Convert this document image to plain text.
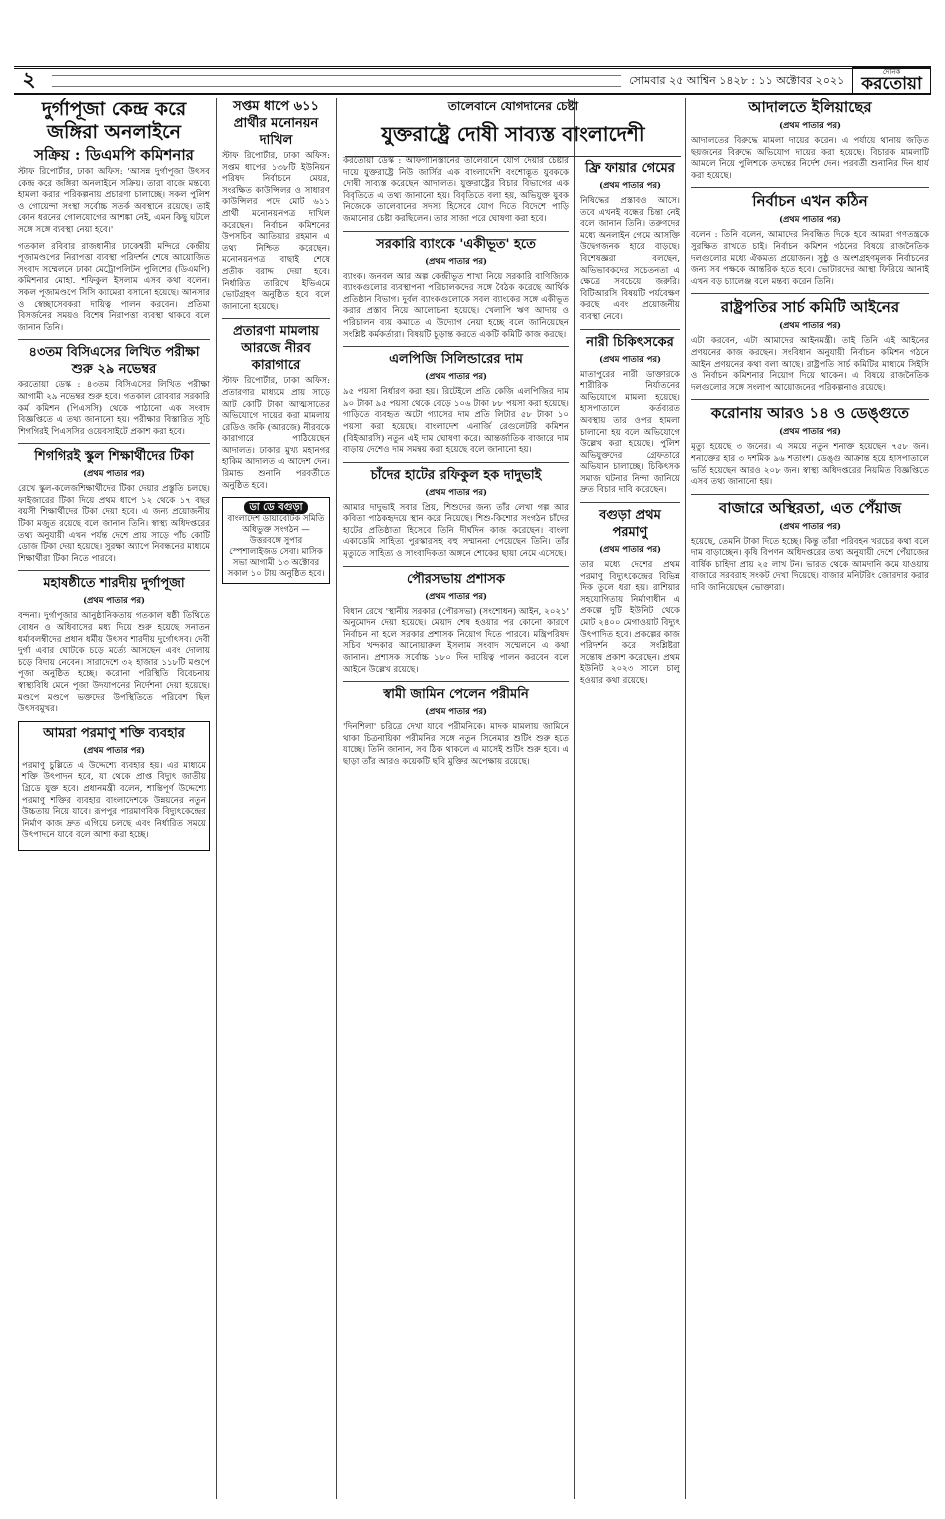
২	সোমবার ২৫ আশ্বিন ১৪২৮ : ১১ অক্টোবর ২০২১
দৈনিক
করতোয়া
দুর্গাপূজা কেন্দ্র করে জঙ্গিরা অনলাইনে
সক্রিয় : ডিএমপি কমিশনার

স্টাফ রিপোর্টার, ঢাকা অফিস: 'আসন্ন দুর্গাপূজা উৎসব কেন্দ্র করে জঙ্গিরা অনলাইনে সক্রিয়। তারা বাজে মন্তব্যে হামলা করার পরিকল্পনায় প্রচারণা চালাচ্ছে। সকল পুলিশ ও গোয়েন্দা সংস্থা সর্বোচ্চ সতর্ক অবস্থানে রয়েছে। তাই কোন ধরনের গোলযোগের আশঙ্কা নেই, এমন কিছু ঘটলে সঙ্গে সঙ্গে ব্যবস্থা নেয়া হবে।'

গতকাল রবিবার রাজধানীর ঢাকেশ্বরী মন্দিরে কেন্দ্রীয় পূজামণ্ডপের নিরাপত্তা ব্যবস্থা পরিদর্শন শেষে আয়োজিত সংবাদ সম্মেলনে ঢাকা মেট্রোপলিটন পুলিশের (ডিএমপি) কমিশনার মোহা. শফিকুল ইসলাম এসব কথা বলেন। সকল পূজামণ্ডপে সিসি ক্যামেরা বসানো হয়েছে। আনসার ও স্বেচ্ছাসেবকরা দায়িত্ব পালন করবেন। প্রতিমা বিসর্জনের সময়ও বিশেষ নিরাপত্তা ব্যবস্থা থাকবে বলে জানান তিনি।

৪৩তম বিসিএসের লিখিত পরীক্ষা শুরু ২৯ নভেম্বর

করতোয়া ডেস্ক : ৪৩তম বিসিএসের লিখিত পরীক্ষা আগামী ২৯ নভেম্বর শুরু হবে। গতকাল রোববার সরকারি কর্ম কমিশন (পিএসসি) থেকে পাঠানো এক সংবাদ বিজ্ঞপ্তিতে এ তথ্য জানানো হয়। পরীক্ষার বিস্তারিত সূচি শিগগিরই পিএসসির ওয়েবসাইটে প্রকাশ করা হবে।

শিগগিরই স্কুল শিক্ষার্থীদের টিকা
(প্রথম পাতার পর)

রেখে স্কুল-কলেজশিক্ষার্থীদের টিকা দেয়ার প্রস্তুতি চলছে। ফাইজারের টিকা দিয়ে প্রথম ধাপে ১২ থেকে ১৭ বছর বয়সী শিক্ষার্থীদের টিকা দেয়া হবে। এ জন্য প্রয়োজনীয় টিকা মজুত রয়েছে বলে জানান তিনি। স্বাস্থ্য অধিদপ্তরের তথ্য অনুযায়ী এখন পর্যন্ত দেশে প্রায় সাড়ে পাঁচ কোটি ডোজ টিকা দেয়া হয়েছে। সুরক্ষা অ্যাপে নিবন্ধনের মাধ্যমে শিক্ষার্থীরা টিকা নিতে পারবে।

মহাষষ্ঠীতে শারদীয় দুর্গাপূজা
(প্রথম পাতার পর)

বন্দনা। দুর্গাপূজার আনুষ্ঠানিকতায় গতকাল ষষ্ঠী তিথিতে বোধন ও অধিবাসের মধ্য দিয়ে শুরু হয়েছে সনাতন ধর্মাবলম্বীদের প্রধান ধর্মীয় উৎসব শারদীয় দুর্গোৎসব। দেবী দুর্গা এবার ঘোটকে চড়ে মর্ত্যে আসছেন এবং দোলায় চড়ে বিদায় নেবেন। সারাদেশে ৩২ হাজার ১১৮টি মণ্ডপে পূজা অনুষ্ঠিত হচ্ছে। করোনা পরিস্থিতি বিবেচনায় স্বাস্থ্যবিধি মেনে পূজা উদযাপনের নির্দেশনা দেয়া হয়েছে। মণ্ডপে মণ্ডপে ভক্তদের উপস্থিতিতে পরিবেশ ছিল উৎসবমুখর।

আমরা পরমাণু শক্তি ব্যবহার
(প্রথম পাতার পর)

পরমাণু চুল্লিতে এ উদ্দেশ্যে ব্যবহার হয়। এর মাধ্যমে শক্তি উৎপাদন হবে, যা থেকে প্রাপ্ত বিদ্যুৎ জাতীয় গ্রিডে যুক্ত হবে। প্রধানমন্ত্রী বলেন, শান্তিপূর্ণ উদ্দেশ্যে পরমাণু শক্তির ব্যবহার বাংলাদেশকে উন্নয়নের নতুন উচ্চতায় নিয়ে যাবে। রূপপুর পারমাণবিক বিদ্যুৎকেন্দ্রের নির্মাণ কাজ দ্রুত এগিয়ে চলছে এবং নির্ধারিত সময়ে উৎপাদনে যাবে বলে আশা করা হচ্ছে।

সপ্তম ধাপে ৬১১ প্রার্থীর মনোনয়ন দাখিল

স্টাফ রিপোর্টার, ঢাকা অফিস: সপ্তম ধাপের ১৩৮টি ইউনিয়ন পরিষদ নির্বাচনে মেয়র, সংরক্ষিত কাউন্সিলর ও সাধারণ কাউন্সিলর পদে মোট ৬১১ প্রার্থী মনোনয়নপত্র দাখিল করেছেন। নির্বাচন কমিশনের উপসচিব আতিয়ার রহমান এ তথ্য নিশ্চিত করেছেন। মনোনয়নপত্র বাছাই শেষে প্রতীক বরাদ্দ দেয়া হবে। নির্ধারিত তারিখে ইভিএমে ভোটগ্রহণ অনুষ্ঠিত হবে বলে জানানো হয়েছে।

প্রতারণা মামলায় আরজে নীরব কারাগারে

স্টাফ রিপোর্টার, ঢাকা অফিস: প্রতারণার মাধ্যমে প্রায় সাড়ে আট কোটি টাকা আত্মসাতের অভিযোগে দায়ের করা মামলায় রেডিও জকি (আরজে) নীরবকে কারাগারে পাঠিয়েছেন আদালত। ঢাকার মুখ্য মহানগর হাকিম আদালত এ আদেশ দেন। রিমান্ড শুনানি পরবর্তীতে অনুষ্ঠিত হবে।

ডা ডে বগুড়া
বাংলাদেশ ডায়াবেটিক সমিতি অধিভুক্ত সংগঠন — উত্তরবঙ্গে সুপার স্পেশালাইজড সেবা। মাসিক সভা আগামী ১৩ অক্টোবর সকাল ১০ টায় অনুষ্ঠিত হবে।

তালেবানে যোগদানের চেষ্টা

যুক্তরাষ্ট্রে দোষী সাব্যস্ত বাংলাদেশী

করতোয়া ডেস্ক : আফগানিস্তানের তালেবানে যোগ দেয়ার চেষ্টার দায়ে যুক্তরাষ্ট্রে নিউ জার্সির এক বাংলাদেশি বংশোদ্ভূত যুবককে দোষী সাব্যস্ত করেছেন আদালত। যুক্তরাষ্ট্রের বিচার বিভাগের এক বিবৃতিতে এ তথ্য জানানো হয়। বিবৃতিতে বলা হয়, অভিযুক্ত যুবক নিজেকে তালেবানের সদস্য হিসেবে যোগ দিতে বিদেশে পাড়ি জমানোর চেষ্টা করছিলেন। তার সাজা পরে ঘোষণা করা হবে।

সরকারি ব্যাংকে 'একীভূত' হতে
(প্রথম পাতার পর)

ব্যাংক। জনবল আর অল্প কেন্দ্রীভূত শাখা নিয়ে সরকারি বাণিজ্যিক ব্যাংকগুলোর ব্যবস্থাপনা পরিচালকদের সঙ্গে বৈঠক করেছে আর্থিক প্রতিষ্ঠান বিভাগ। দুর্বল ব্যাংকগুলোকে সবল ব্যাংকের সঙ্গে একীভূত করার প্রস্তাব নিয়ে আলোচনা হয়েছে। খেলাপি ঋণ আদায় ও পরিচালন ব্যয় কমাতে এ উদ্যোগ নেয়া হচ্ছে বলে জানিয়েছেন সংশ্লিষ্ট কর্মকর্তারা। বিষয়টি চূড়ান্ত করতে একটি কমিটি কাজ করছে।

এলপিজি সিলিন্ডারের দাম
(প্রথম পাতার পর)

৯৫ পয়সা নির্ধারণ করা হয়। রিটেইলে প্রতি কেজি এলপিজির দাম ৯০ টাকা ৯৫ পয়সা থেকে বেড়ে ১০৬ টাকা ৮৮ পয়সা করা হয়েছে। গাড়িতে ব্যবহৃত অটো গ্যাসের দাম প্রতি লিটার ৫৮ টাকা ১০ পয়সা করা হয়েছে। বাংলাদেশ এনার্জি রেগুলেটরি কমিশন (বিইআরসি) নতুন এই দাম ঘোষণা করে। আন্তর্জাতিক বাজারে দাম বাড়ায় দেশেও দাম সমন্বয় করা হয়েছে বলে জানানো হয়।

চাঁদের হাটের রফিকুল হক দাদুভাই
(প্রথম পাতার পর)

আমার দাদুভাই সবার প্রিয়, শিশুদের জন্য তাঁর লেখা গল্প আর কবিতা পাঠকহৃদয়ে স্থান করে নিয়েছে। শিশু-কিশোর সংগঠন চাঁদের হাটের প্রতিষ্ঠাতা হিসেবে তিনি দীর্ঘদিন কাজ করেছেন। বাংলা একাডেমি সাহিত্য পুরস্কারসহ বহু সম্মাননা পেয়েছেন তিনি। তাঁর মৃত্যুতে সাহিত্য ও সাংবাদিকতা অঙ্গনে শোকের ছায়া নেমে এসেছে।

পৌরসভায় প্রশাসক
(প্রথম পাতার পর)

বিধান রেখে 'স্থানীয় সরকার (পৌরসভা) (সংশোধন) আইন, ২০২১' অনুমোদন দেয়া হয়েছে। মেয়াদ শেষ হওয়ার পর কোনো কারণে নির্বাচন না হলে সরকার প্রশাসক নিয়োগ দিতে পারবে। মন্ত্রিপরিষদ সচিব খন্দকার আনোয়ারুল ইসলাম সংবাদ সম্মেলনে এ কথা জানান। প্রশাসক সর্বোচ্চ ১৮০ দিন দায়িত্ব পালন করবেন বলে আইনে উল্লেখ রয়েছে।

স্বামী জামিন পেলেন পরীমনি
(প্রথম পাতার পর)

'দিনশিলা' চরিত্রে দেখা যাবে পরীমনিকে। মাদক মামলায় জামিনে থাকা চিত্রনায়িকা পরীমনির সঙ্গে নতুন সিনেমার শুটিং শুরু হতে যাচ্ছে। তিনি জানান, সব ঠিক থাকলে এ মাসেই শুটিং শুরু হবে। এ ছাড়া তাঁর আরও কয়েকটি ছবি মুক্তির অপেক্ষায় রয়েছে।

ফ্রি ফায়ার গেমের
(প্রথম পাতার পর)

নিষিদ্ধের প্রস্তাবও আসে। তবে এখনই বন্ধের চিন্তা নেই বলে জানান তিনি। তরুণদের মধ্যে অনলাইন গেমে আসক্তি উদ্বেগজনক হারে বাড়ছে। বিশেষজ্ঞরা বলছেন, অভিভাবকদের সচেতনতা এ ক্ষেত্রে সবচেয়ে জরুরি। বিটিআরসি বিষয়টি পর্যবেক্ষণ করছে এবং প্রয়োজনীয় ব্যবস্থা নেবে।

নারী চিকিৎসকের
(প্রথম পাতার পর)

মাতাপুরের নারী ডাক্তারকে শারীরিক নির্যাতনের অভিযোগে মামলা হয়েছে। হাসপাতালে কর্তব্যরত অবস্থায় তার ওপর হামলা চালানো হয় বলে অভিযোগে উল্লেখ করা হয়েছে। পুলিশ অভিযুক্তদের গ্রেফতারে অভিযান চালাচ্ছে। চিকিৎসক সমাজ ঘটনার নিন্দা জানিয়ে দ্রুত বিচার দাবি করেছেন।

বগুড়া প্রথম পরমাণু
(প্রথম পাতার পর)

তার মধ্যে দেশের প্রথম পরমাণু বিদ্যুৎকেন্দ্রের বিভিন্ন দিক তুলে ধরা হয়। রাশিয়ার সহযোগিতায় নির্মাণাধীন এ প্রকল্পে দুটি ইউনিট থেকে মোট ২৪০০ মেগাওয়াট বিদ্যুৎ উৎপাদিত হবে। প্রকল্পের কাজ পরিদর্শন করে সংশ্লিষ্টরা সন্তোষ প্রকাশ করেছেন। প্রথম ইউনিট ২০২৩ সালে চালু হওয়ার কথা রয়েছে।

আদালতে ইলিয়াছের
(প্রথম পাতার পর)

আদালতের বিরুদ্ধে মামলা দায়ের করেন। এ পর্যায়ে থানায় জড়িত ছয়জনের বিরুদ্ধে অভিযোগ দায়ের করা হয়েছে। বিচারক মামলাটি আমলে নিয়ে পুলিশকে তদন্তের নির্দেশ দেন। পরবর্তী শুনানির দিন ধার্য করা হয়েছে।

নির্বাচন এখন কঠিন
(প্রথম পাতার পর)

বলেন : তিনি বলেন, আমাদের নিবন্ধিত দিকে হবে আমরা গণতন্ত্রকে সুরক্ষিত রাখতে চাই। নির্বাচন কমিশন গঠনের বিষয়ে রাজনৈতিক দলগুলোর মধ্যে ঐকমত্য প্রয়োজন। সুষ্ঠু ও অংশগ্রহণমূলক নির্বাচনের জন্য সব পক্ষকে আন্তরিক হতে হবে। ভোটারদের আস্থা ফিরিয়ে আনাই এখন বড় চ্যালেঞ্জ বলে মন্তব্য করেন তিনি।

রাষ্ট্রপতির সার্চ কমিটি আইনের
(প্রথম পাতার পর)

এটা করবেন, এটা আমাদের আইনমন্ত্রী। তাই তিনি এই আইনের প্রণয়নের কাজ করছেন। সংবিধান অনুযায়ী নির্বাচন কমিশন গঠনে আইন প্রণয়নের কথা বলা আছে। রাষ্ট্রপতি সার্চ কমিটির মাধ্যমে সিইসি ও নির্বাচন কমিশনার নিয়োগ দিয়ে থাকেন। এ বিষয়ে রাজনৈতিক দলগুলোর সঙ্গে সংলাপ আয়োজনের পরিকল্পনাও রয়েছে।

করোনায় আরও ১৪ ও ডেঙ্গুতে
(প্রথম পাতার পর)

মৃত্যু হয়েছে ৩ জনের। এ সময়ে নতুন শনাক্ত হয়েছেন ৭৫৮ জন। শনাক্তের হার ৩ দশমিক ৯৬ শতাংশ। ডেঙ্গু আক্রান্ত হয়ে হাসপাতালে ভর্তি হয়েছেন আরও ২০৮ জন। স্বাস্থ্য অধিদপ্তরের নিয়মিত বিজ্ঞপ্তিতে এসব তথ্য জানানো হয়।

বাজারে অস্থিরতা, এত পেঁয়াজ
(প্রথম পাতার পর)

হয়েছে, তেমনি টাকা দিতে হচ্ছে। কিন্তু তাঁরা পরিবহন খরচের কথা বলে দাম বাড়াচ্ছেন। কৃষি বিপণন অধিদপ্তরের তথ্য অনুযায়ী দেশে পেঁয়াজের বার্ষিক চাহিদা প্রায় ২৫ লাখ টন। ভারত থেকে আমদানি কমে যাওয়ায় বাজারে সরবরাহ সংকট দেখা দিয়েছে। বাজার মনিটরিং জোরদার করার দাবি জানিয়েছেন ভোক্তারা।
